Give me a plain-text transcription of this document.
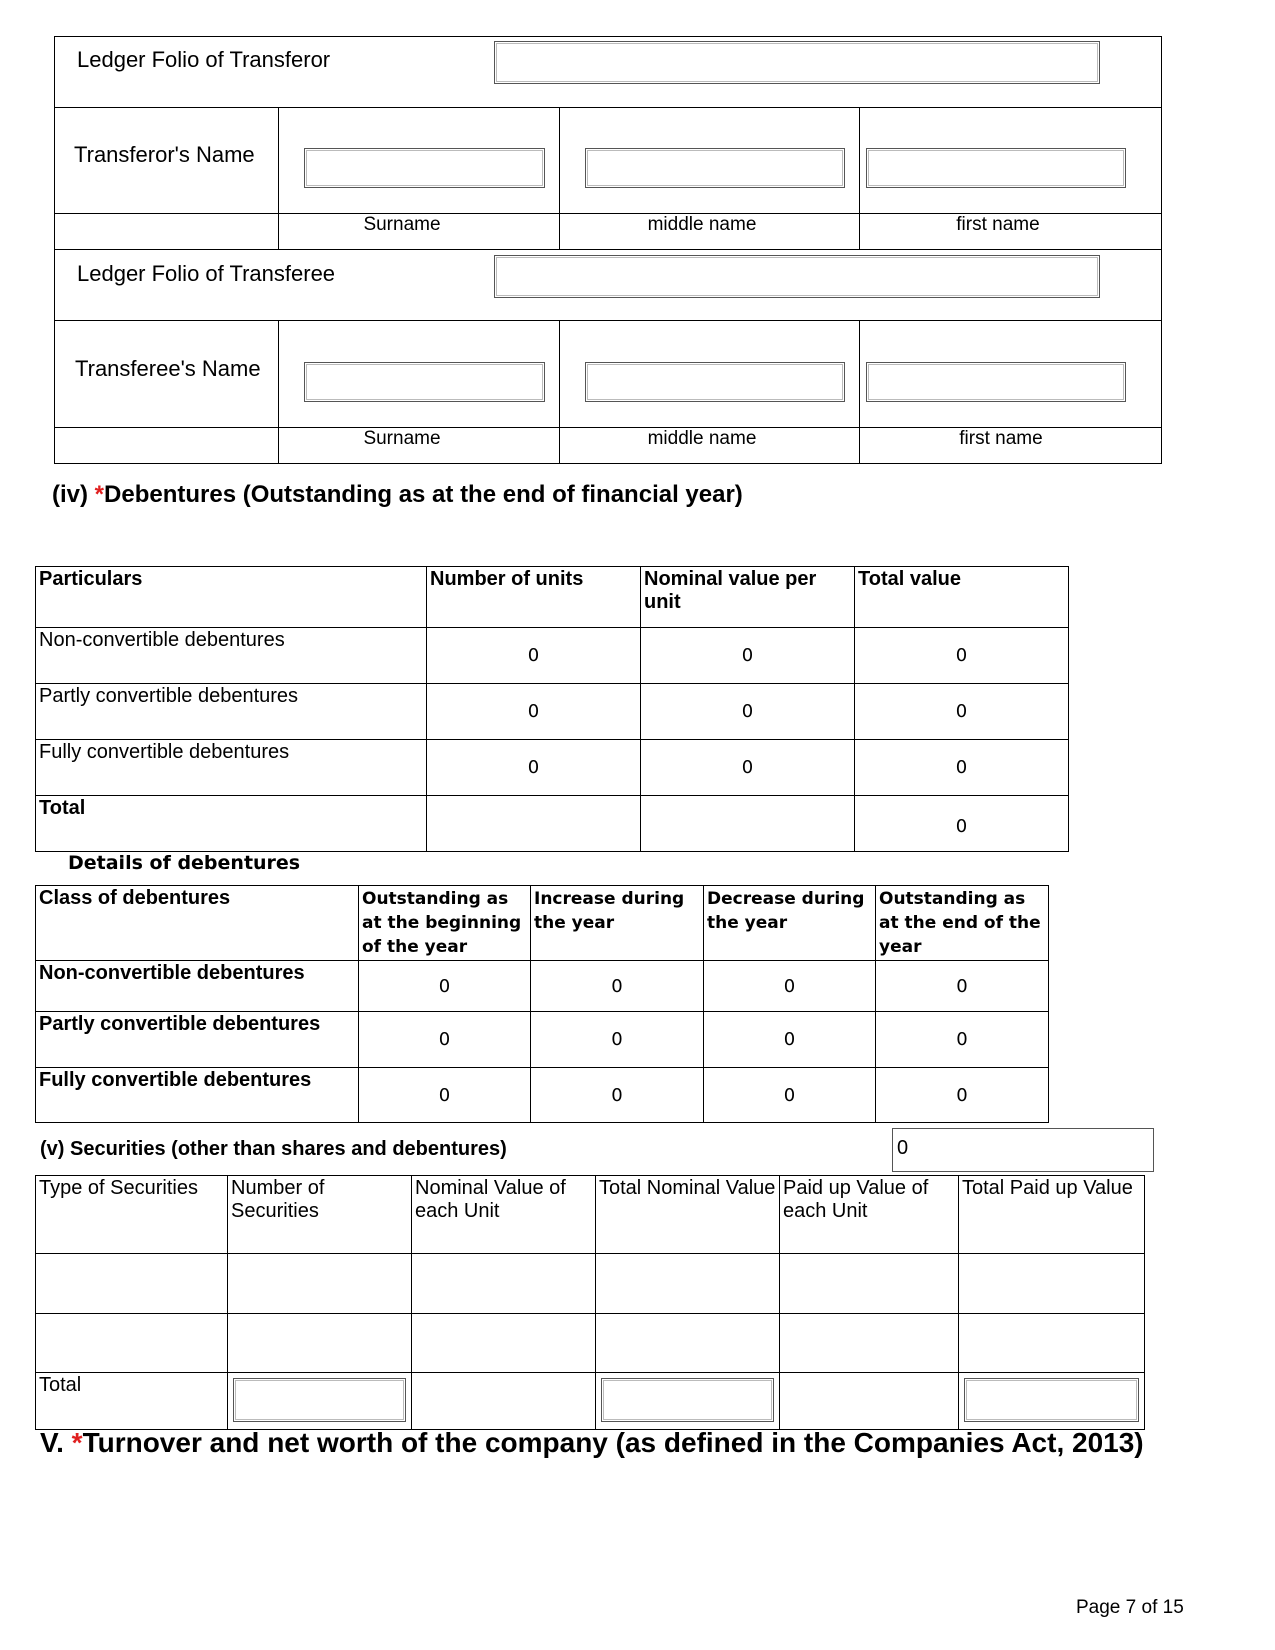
Ledger Folio of Transferor
Transferor's Name
Surname	middle name	first name
Ledger Folio of Transferee
Transferee's Name
Surname	middle name	first name
(iv) *Debentures (Outstanding as at the end of financial year)
Particulars	Number of units	Nominal value per unit	Total value
Non-convertible debentures	0	0	0
Partly convertible debentures	0	0	0
Fully convertible debentures	0	0	0
Total			0
Details of debentures
Class of debentures	Outstanding as at the beginning of the year	Increase during the year	Decrease during the year	Outstanding as at the end of the year
Non-convertible debentures	0	0	0	0
Partly convertible debentures	0	0	0	0
Fully convertible debentures	0	0	0	0
(v) Securities (other than shares and debentures)	0
Type of Securities	Number of Securities	Nominal Value of each Unit	Total Nominal Value	Paid up Value of each Unit	Total Paid up Value

Total	

V. *Turnover and net worth of the company (as defined in the Companies Act, 2013)
Page 7 of 15
